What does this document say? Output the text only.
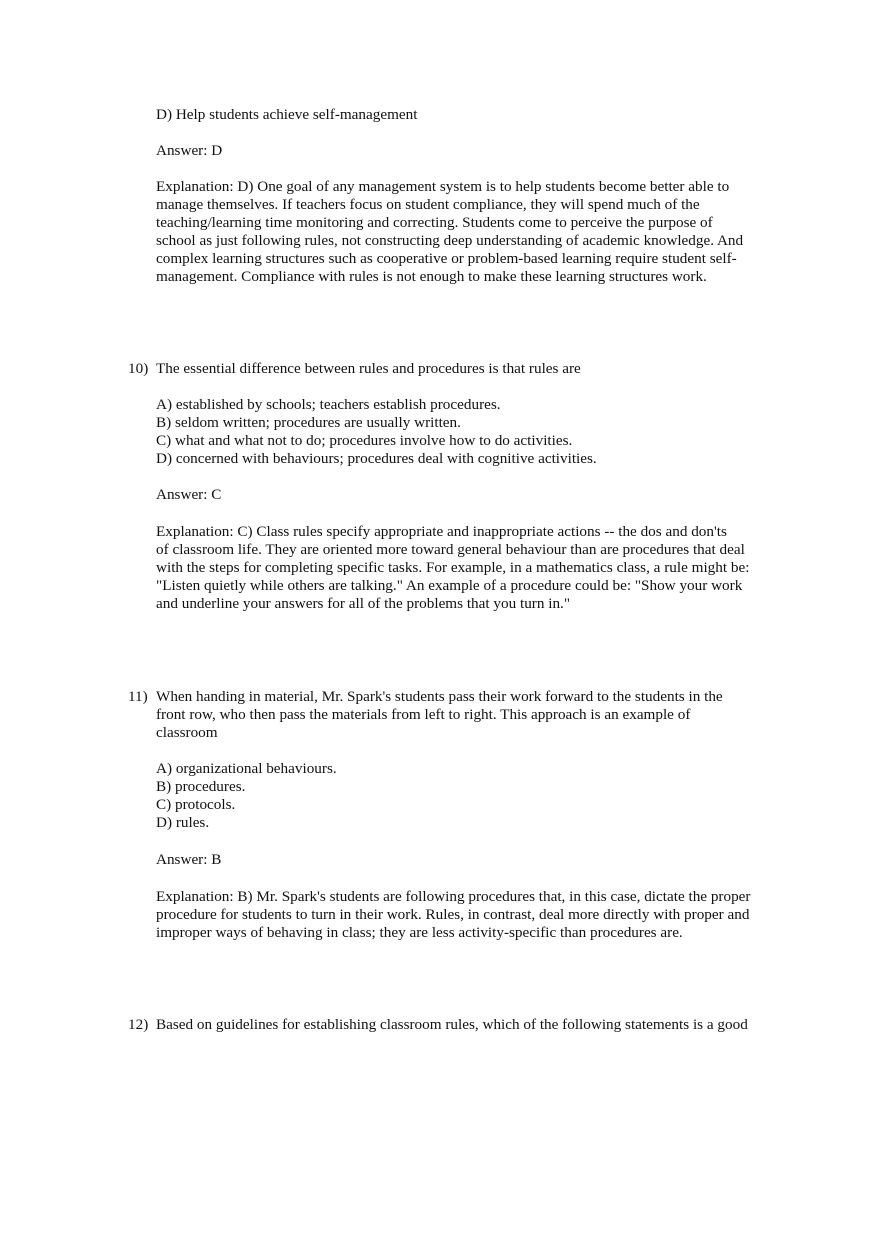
D) Help students achieve self-management
Answer: D
Explanation: D) One goal of any management system is to help students become better able to
manage themselves. If teachers focus on student compliance, they will spend much of the
teaching/learning time monitoring and correcting. Students come to perceive the purpose of
school as just following rules, not constructing deep understanding of academic knowledge. And
complex learning structures such as cooperative or problem-based learning require student self-
management. Compliance with rules is not enough to make these learning structures work.
10) The essential difference between rules and procedures is that rules are
A) established by schools; teachers establish procedures.
B) seldom written; procedures are usually written.
C) what and what not to do; procedures involve how to do activities.
D) concerned with behaviours; procedures deal with cognitive activities.
Answer: C
Explanation: C) Class rules specify appropriate and inappropriate actions -- the dos and don'ts
of classroom life. They are oriented more toward general behaviour than are procedures that deal
with the steps for completing specific tasks. For example, in a mathematics class, a rule might be:
"Listen quietly while others are talking." An example of a procedure could be: "Show your work
and underline your answers for all of the problems that you turn in."
11) When handing in material, Mr. Spark's students pass their work forward to the students in the
front row, who then pass the materials from left to right. This approach is an example of
classroom
A) organizational behaviours.
B) procedures.
C) protocols.
D) rules.
Answer: B
Explanation: B) Mr. Spark's students are following procedures that, in this case, dictate the proper
procedure for students to turn in their work. Rules, in contrast, deal more directly with proper and
improper ways of behaving in class; they are less activity-specific than procedures are.
12) Based on guidelines for establishing classroom rules, which of the following statements is a good
